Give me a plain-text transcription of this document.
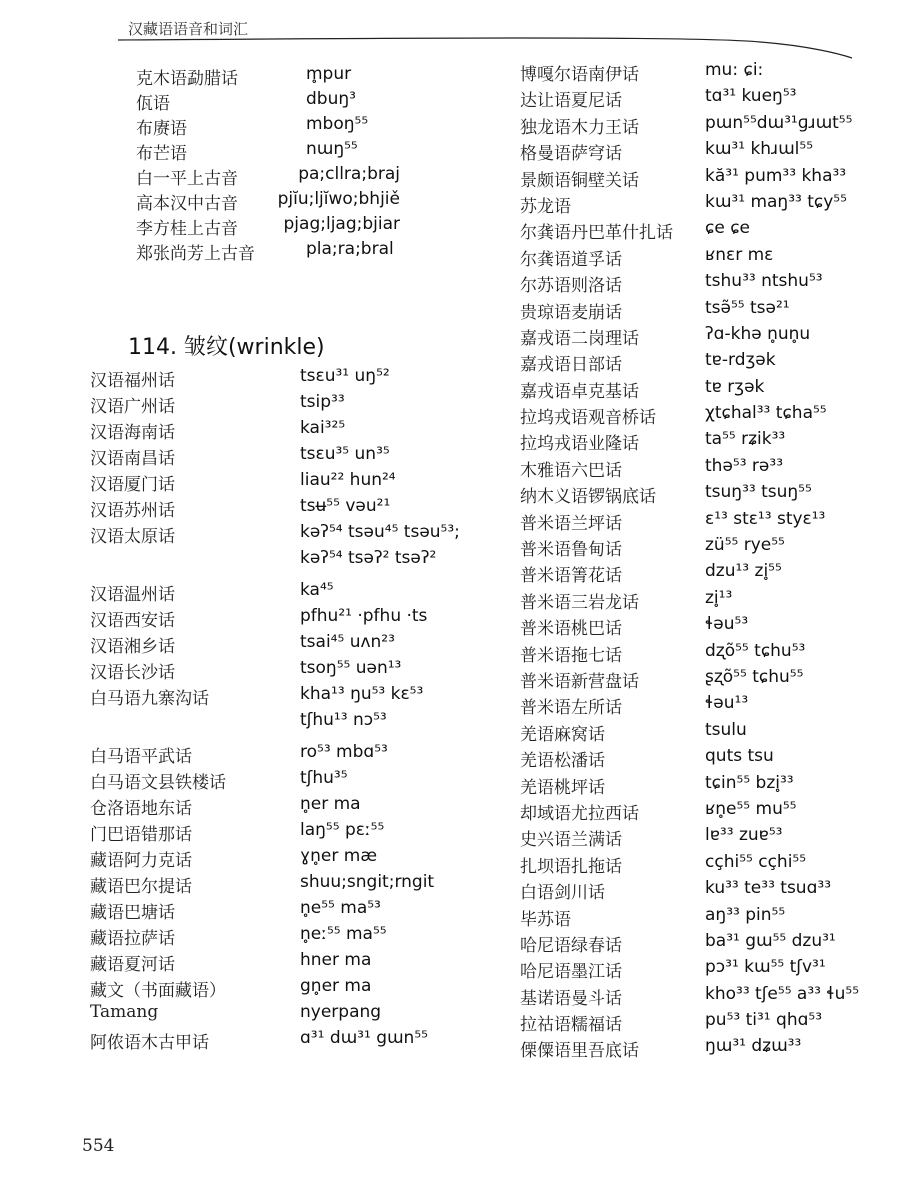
汉藏语语音和词汇
克木语勐腊话	m̥pur
佤语	dbuŋ³
布赓语	mboŋ⁵⁵
布芒语	nɯŋ⁵⁵
白一平上古音	pa;cllra;braj
高本汉中古音	pjĭu;ljĭwo;bhjiě
李方桂上古音	pjag;ljag;bjiar
郑张尚芳上古音	pla;ra;bral
114. 皱纹(wrinkle)
汉语福州话	tsɛu³¹ uŋ⁵²
汉语广州话	tsip³³
汉语海南话	kai³²⁵
汉语南昌话	tsɛu³⁵ un³⁵
汉语厦门话	liau²² hun²⁴
汉语苏州话	tsʉ⁵⁵ vəu²¹
汉语太原话	kəʔ⁵⁴ tsəu⁴⁵ tsəu⁵³;
kəʔ⁵⁴ tsəʔ² tsəʔ²
汉语温州话	ka⁴⁵
汉语西安话	pfhu²¹ ·pfhu ·ts
汉语湘乡话	tsai⁴⁵ uʌn²³
汉语长沙话	tsoŋ⁵⁵ uən¹³
白马语九寨沟话	kha¹³ ŋu⁵³ kɛ⁵³
tʃhu¹³ nɔ⁵³
白马语平武话	ro⁵³ mbɑ⁵³
白马语文县铁楼话	tʃhu³⁵
仓洛语地东话	n̥er ma
门巴语错那话	laŋ⁵⁵ pɛː⁵⁵
藏语阿力克话	ɣn̥er mæ
藏语巴尔提话	shuu;sngit;rngit
藏语巴塘话	n̥e⁵⁵ ma⁵³
藏语拉萨话	n̥eː⁵⁵ ma⁵⁵
藏语夏河话	hner ma
藏文（书面藏语）	gn̥er ma
Tamang	nyerpang
阿侬语木古甲话	ɑ³¹ dɯ³¹ gɯn⁵⁵
博嘎尔语南伊话	mu: ɕi:
达让语夏尼话	tɑ³¹ kueŋ⁵³
独龙语木力王话	pɯn⁵⁵dɯ³¹ɡɹɯt⁵⁵
格曼语萨穹话	kɯ³¹ khɹɯl⁵⁵
景颇语铜壁关话	kă³¹ pum³³ kha³³
苏龙语	kɯ³¹ maŋ³³ tɕy⁵⁵
尔龚语丹巴革什扎话	ɕe ɕe
尔龚语道孚话	ʁnɛr mɛ
尔苏语则洛话	tshu³³ ntshu⁵³
贵琼语麦崩话	tsə̃⁵⁵ tsə²¹
嘉戎语二岗理话	ʔɑ-khə n̥un̥u
嘉戎语日部话	tɐ-rdʒək
嘉戎语卓克基话	tɐ rʒək
拉坞戎语观音桥话	χtɕhal³³ tɕha⁵⁵
拉坞戎语业隆话	ta⁵⁵ rʑik³³
木雅语六巴话	thə⁵³ rə³³
纳木义语锣锅底话	tsuŋ³³ tsuŋ⁵⁵
普米语兰坪话	ɛ¹³ stɛ¹³ styɛ¹³
普米语鲁甸话	zü⁵⁵ rye⁵⁵
普米语箐花话	dzu¹³ zi̥⁵⁵
普米语三岩龙话	zi̥¹³
普米语桃巴话	ɬəu⁵³
普米语拖七话	dʐõ⁵⁵ tɕhu⁵³
普米语新营盘话	ʂʐõ⁵⁵ tɕhu⁵⁵
普米语左所话	ɬəu¹³
羌语麻窝话	tsulu
羌语松潘话	quts tsu
羌语桃坪话	tɕin⁵⁵ bzi̥³³
却域语尤拉西话	ʁn̥e⁵⁵ mu⁵⁵
史兴语兰满话	lɐ³³ zuɐ⁵³
扎坝语扎拖话	cçhi⁵⁵ cçhi⁵⁵
白语剑川话	ku³³ te³³ tsuɑ³³
毕苏语	aŋ³³ pin⁵⁵
哈尼语绿春话	ba³¹ gɯ⁵⁵ dzu³¹
哈尼语墨江话	pɔ³¹ kɯ⁵⁵ tʃv³¹
基诺语曼斗话	kho³³ tʃe⁵⁵ a³³ ɬu⁵⁵
拉祜语糯福话	pu⁵³ ti³¹ qhɑ⁵³
傈僳语里吾底话	ŋɯ³¹ dʑɯ³³
554
